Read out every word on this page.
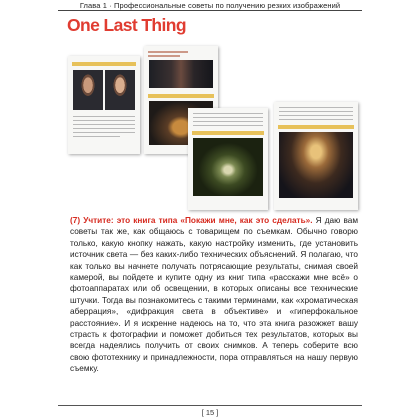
Глава 1 · Профессиональные советы по получению резких изображений
One Last Thing

(7) Учтите: это книга типа «Покажи мне, как это сделать». Я даю вам советы так же, как общаюсь с товарищем по съемкам. Обычно говорю только, какую кнопку нажать, какую настройку изменить, где установить источник света — без каких-либо технических объяснений. Я полагаю, что как только вы начнете получать потрясающие результаты, снимая своей камерой, вы пойдете и купите одну из книг типа «расскажи мне всё» о фотоаппаратах или об освещении, в которых описаны все технические штучки. Тогда вы познакомитесь с такими терминами, как «хроматическая аберрация», «дифракция света в объективе» и «гиперфокальное расстояние». И я искренне надеюсь на то, что эта книга разожжет вашу страсть к фотографии и поможет добиться тех результатов, которых вы всегда надеялись получить от своих снимков. А теперь соберите всю свою фототехнику и принадлежности, пора отправляться на нашу первую съемку.

[ 15 ]
